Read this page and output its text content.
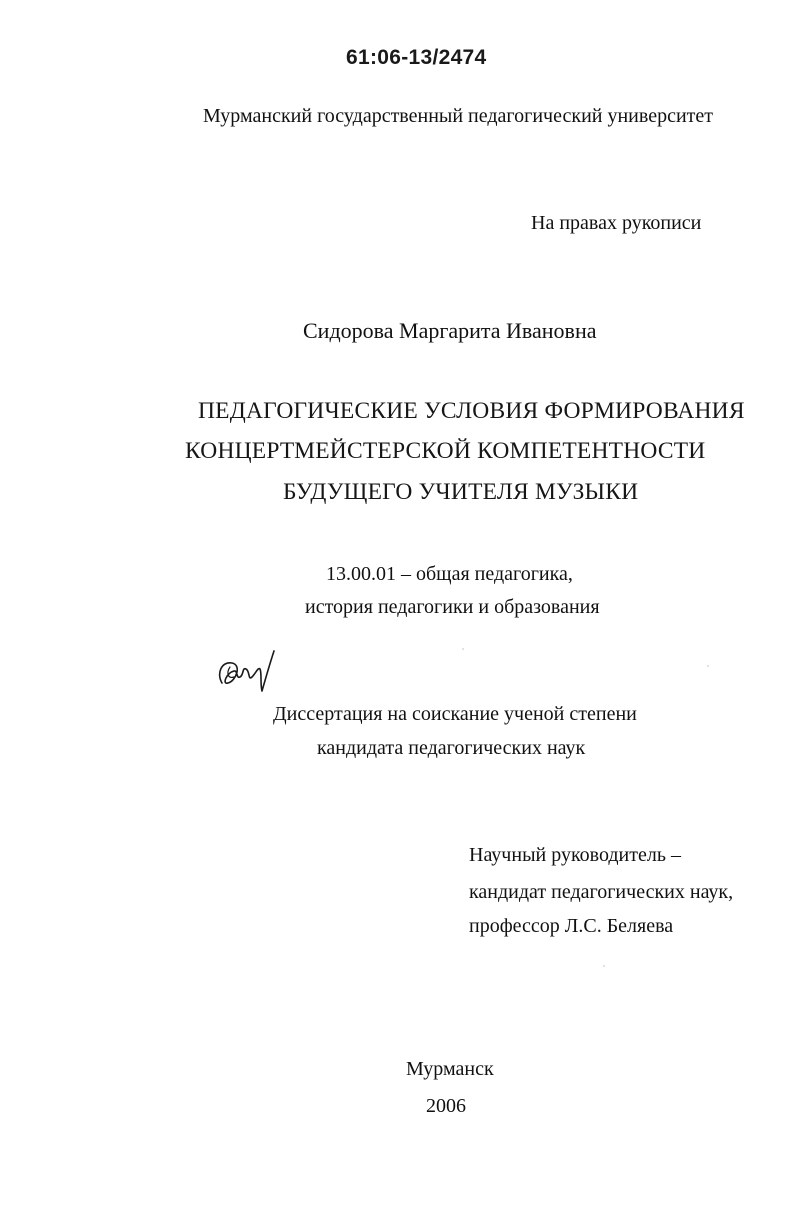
61:06-13/2474
Мурманский государственный педагогический университет
На правах рукописи
Сидорова Маргарита Ивановна
ПЕДАГОГИЧЕСКИЕ УСЛОВИЯ ФОРМИРОВАНИЯ
КОНЦЕРТМЕЙСТЕРСКОЙ КОМПЕТЕНТНОСТИ
БУДУЩЕГО УЧИТЕЛЯ МУЗЫКИ
13.00.01 – общая педагогика,
история педагогики и образования
Диссертация на соискание ученой степени
кандидата педагогических наук
Научный руководитель –
кандидат педагогических наук,
профессор Л.С. Беляева
Мурманск
2006
